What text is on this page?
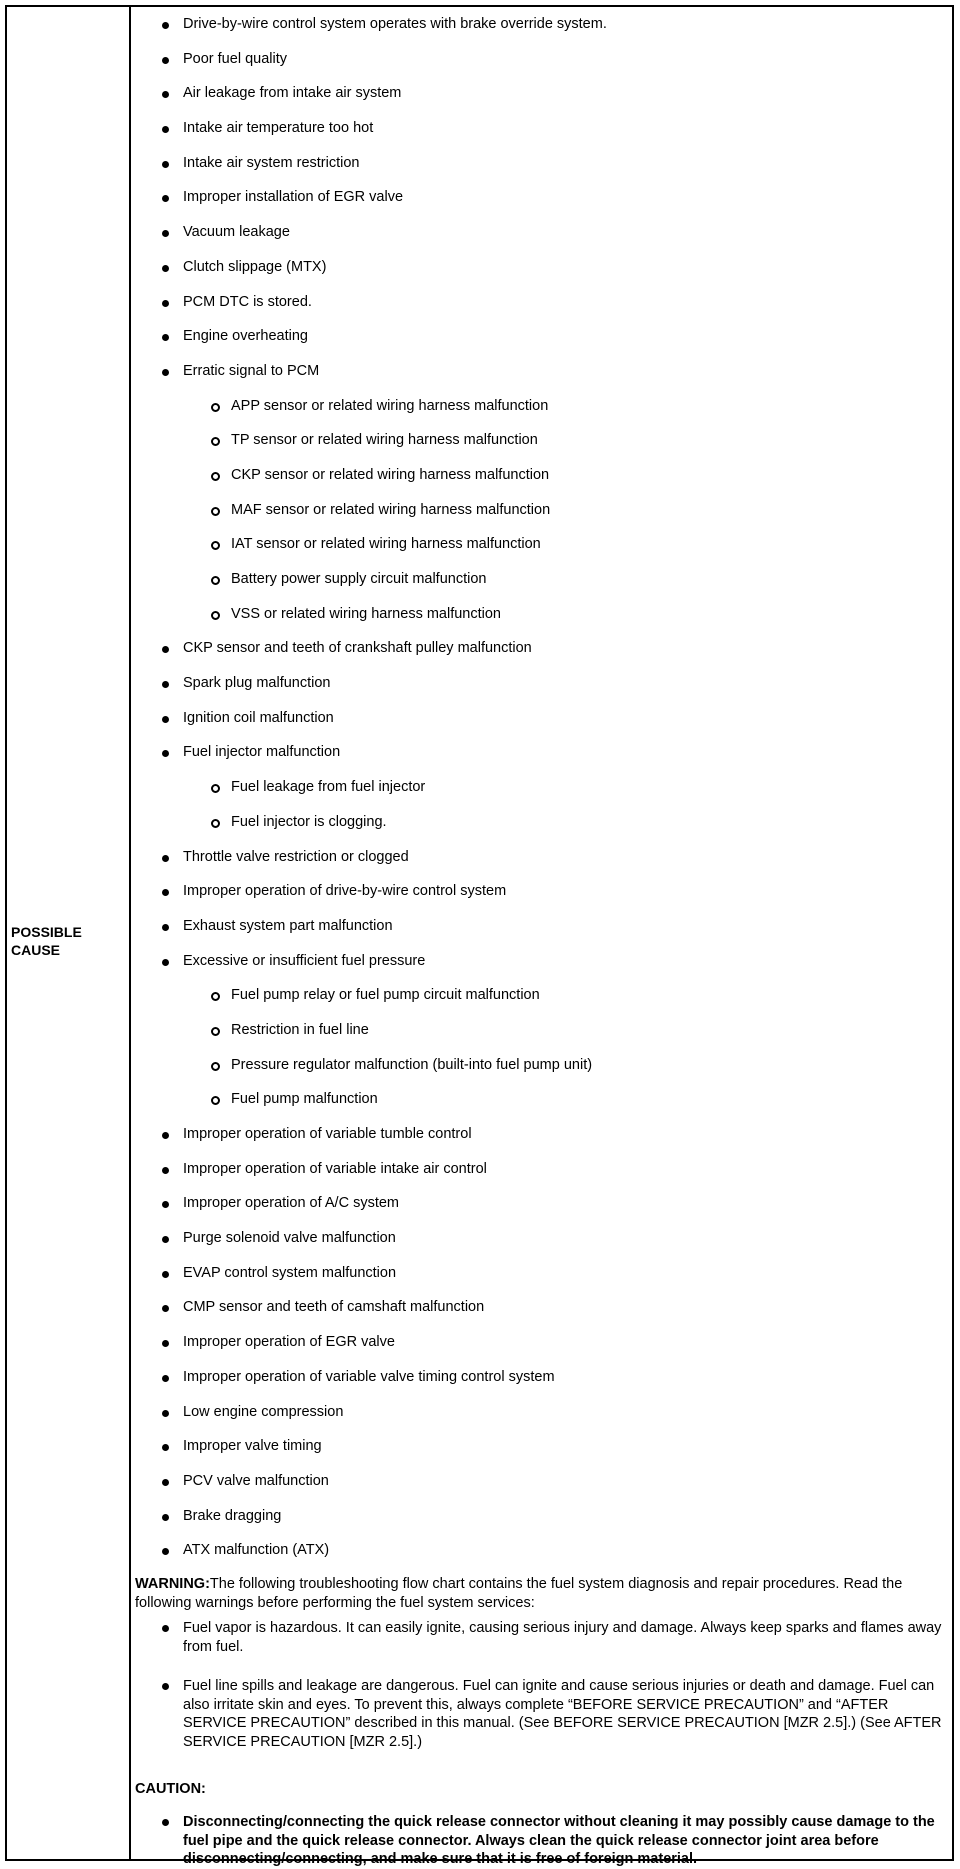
POSSIBLE CAUSE
Drive-by-wire control system operates with brake override system.
Poor fuel quality
Air leakage from intake air system
Intake air temperature too hot
Intake air system restriction
Improper installation of EGR valve
Vacuum leakage
Clutch slippage (MTX)
PCM DTC is stored.
Engine overheating
Erratic signal to PCM
APP sensor or related wiring harness malfunction
TP sensor or related wiring harness malfunction
CKP sensor or related wiring harness malfunction
MAF sensor or related wiring harness malfunction
IAT sensor or related wiring harness malfunction
Battery power supply circuit malfunction
VSS or related wiring harness malfunction
CKP sensor and teeth of crankshaft pulley malfunction
Spark plug malfunction
Ignition coil malfunction
Fuel injector malfunction
Fuel leakage from fuel injector
Fuel injector is clogging.
Throttle valve restriction or clogged
Improper operation of drive-by-wire control system
Exhaust system part malfunction
Excessive or insufficient fuel pressure
Fuel pump relay or fuel pump circuit malfunction
Restriction in fuel line
Pressure regulator malfunction (built-into fuel pump unit)
Fuel pump malfunction
Improper operation of variable tumble control
Improper operation of variable intake air control
Improper operation of A/C system
Purge solenoid valve malfunction
EVAP control system malfunction
CMP sensor and teeth of camshaft malfunction
Improper operation of EGR valve
Improper operation of variable valve timing control system
Low engine compression
Improper valve timing
PCV valve malfunction
Brake dragging
ATX malfunction (ATX)
WARNING:The following troubleshooting flow chart contains the fuel system diagnosis and repair procedures. Read the following warnings before performing the fuel system services:
Fuel vapor is hazardous. It can easily ignite, causing serious injury and damage. Always keep sparks and flames away from fuel.
Fuel line spills and leakage are dangerous. Fuel can ignite and cause serious injuries or death and damage. Fuel can also irritate skin and eyes. To prevent this, always complete “BEFORE SERVICE PRECAUTION” and “AFTER SERVICE PRECAUTION” described in this manual. (See BEFORE SERVICE PRECAUTION [MZR 2.5].) (See AFTER SERVICE PRECAUTION [MZR 2.5].)
CAUTION:
Disconnecting/connecting the quick release connector without cleaning it may possibly cause damage to the fuel pipe and the quick release connector. Always clean the quick release connector joint area before disconnecting/connecting, and make sure that it is free of foreign material.
